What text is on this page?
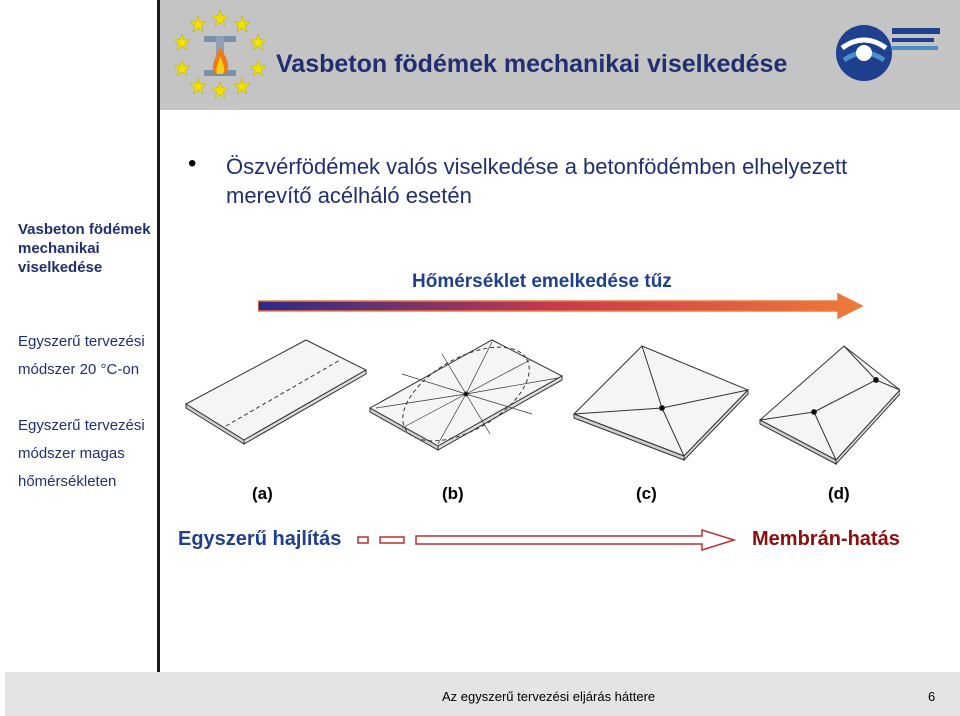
Vasbeton födémek mechanikai viselkedése
Vasbeton födémek mechanikai viselkedése
Egyszerű tervezési módszer 20 °C-on
Egyszerű tervezési módszer magas hőmérsékleten
• Öszvérfödémek valós viselkedése a betonfödémben elhelyezett merevítő acélháló esetén
Hőmérséklet emelkedése tűz
(a)	(b)	(c)	(d)
Egyszerű hajlítás	Membrán-hatás
Az egyszerű tervezési eljárás háttere	6
